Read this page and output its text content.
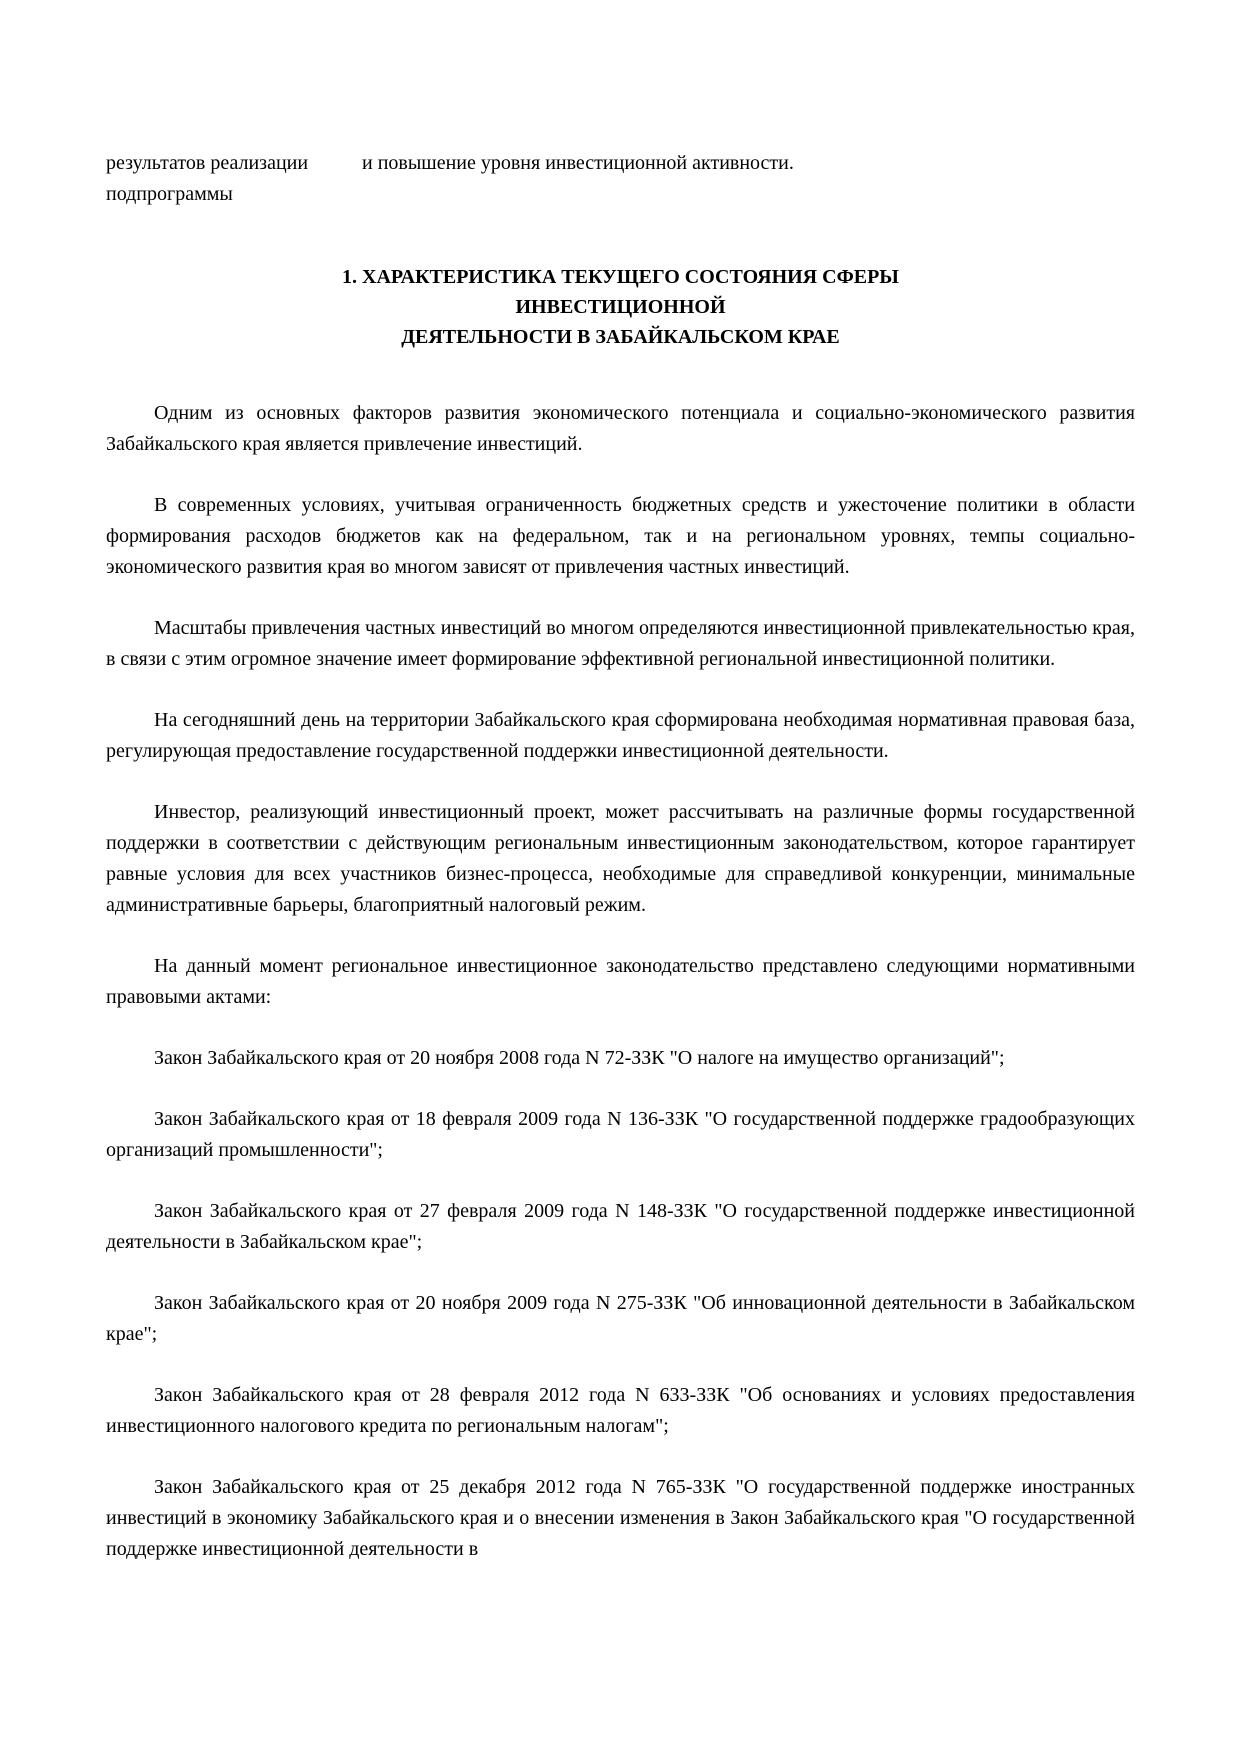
результатов реализации подпрограммы
и повышение уровня инвестиционной активности.
1. ХАРАКТЕРИСТИКА ТЕКУЩЕГО СОСТОЯНИЯ СФЕРЫ
ИНВЕСТИЦИОННОЙ
ДЕЯТЕЛЬНОСТИ В ЗАБАЙКАЛЬСКОМ КРАЕ

Одним из основных факторов развития экономического потенциала и социально-экономического развития Забайкальского края является привлечение инвестиций.

В современных условиях, учитывая ограниченность бюджетных средств и ужесточение политики в области формирования расходов бюджетов как на федеральном, так и на региональном уровнях, темпы социально-экономического развития края во многом зависят от привлечения частных инвестиций.

Масштабы привлечения частных инвестиций во многом определяются инвестиционной привлекательностью края, в связи с этим огромное значение имеет формирование эффективной региональной инвестиционной политики.

На сегодняшний день на территории Забайкальского края сформирована необходимая нормативная правовая база, регулирующая предоставление государственной поддержки инвестиционной деятельности.

Инвестор, реализующий инвестиционный проект, может рассчитывать на различные формы государственной поддержки в соответствии с действующим региональным инвестиционным законодательством, которое гарантирует равные условия для всех участников бизнес-процесса, необходимые для справедливой конкуренции, минимальные административные барьеры, благоприятный налоговый режим.

На данный момент региональное инвестиционное законодательство представлено следующими нормативными правовыми актами:

Закон Забайкальского края от 20 ноября 2008 года N 72-ЗЗК "О налоге на имущество организаций";

Закон Забайкальского края от 18 февраля 2009 года N 136-ЗЗК "О государственной поддержке градообразующих организаций промышленности";

Закон Забайкальского края от 27 февраля 2009 года N 148-ЗЗК "О государственной поддержке инвестиционной деятельности в Забайкальском крае";

Закон Забайкальского края от 20 ноября 2009 года N 275-ЗЗК "Об инновационной деятельности в Забайкальском крае";

Закон Забайкальского края от 28 февраля 2012 года N 633-ЗЗК "Об основаниях и условиях предоставления инвестиционного налогового кредита по региональным налогам";

Закон Забайкальского края от 25 декабря 2012 года N 765-ЗЗК "О государственной поддержке иностранных инвестиций в экономику Забайкальского края и о внесении изменения в Закон Забайкальского края "О государственной поддержке инвестиционной деятельности в
